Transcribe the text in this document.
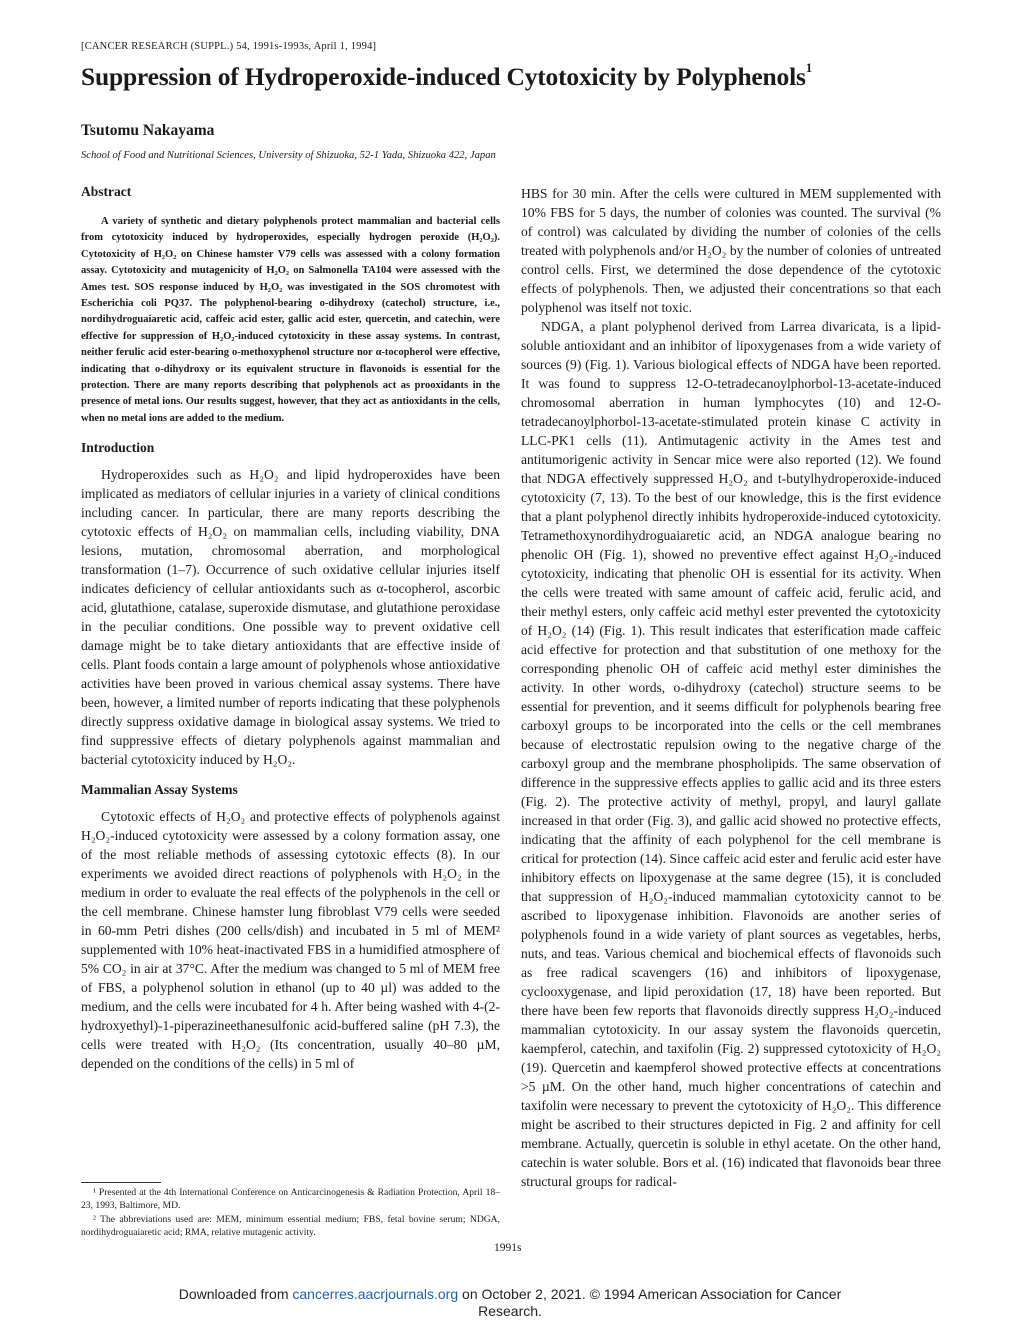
[CANCER RESEARCH (SUPPL.) 54, 1991s-1993s, April 1, 1994]
Suppression of Hydroperoxide-induced Cytotoxicity by Polyphenols$^1$
Tsutomu Nakayama
School of Food and Nutritional Sciences, University of Shizuoka, 52-1 Yada, Shizuoka 422, Japan

Abstract

A variety of synthetic and dietary polyphenols protect mammalian and bacterial cells from cytotoxicity induced by hydroperoxides, especially hydrogen peroxide (H₂O₂). Cytotoxicity of H₂O₂ on Chinese hamster V79 cells was assessed with a colony formation assay. Cytotoxicity and mutagenicity of H₂O₂ on Salmonella TA104 were assessed with the Ames test. SOS response induced by H₂O₂ was investigated in the SOS chromotest with Escherichia coli PQ37. The polyphenol-bearing o-dihydroxy (catechol) structure, i.e., nordihydroguaiaretic acid, caffeic acid ester, gallic acid ester, quercetin, and catechin, were effective for suppression of H₂O₂-induced cytotoxicity in these assay systems. In contrast, neither ferulic acid ester-bearing o-methoxyphenol structure nor α-tocopherol were effective, indicating that o-dihydroxy or its equivalent structure in flavonoids is essential for the protection. There are many reports describing that polyphenols act as prooxidants in the presence of metal ions. Our results suggest, however, that they act as antioxidants in the cells, when no metal ions are added to the medium.

Introduction

Hydroperoxides such as H₂O₂ and lipid hydroperoxides have been implicated as mediators of cellular injuries in a variety of clinical conditions including cancer. In particular, there are many reports describing the cytotoxic effects of H₂O₂ on mammalian cells, including viability, DNA lesions, mutation, chromosomal aberration, and morphological transformation (1–7). Occurrence of such oxidative cellular injuries itself indicates deficiency of cellular antioxidants such as α-tocopherol, ascorbic acid, glutathione, catalase, superoxide dismutase, and glutathione peroxidase in the peculiar conditions. One possible way to prevent oxidative cell damage might be to take dietary antioxidants that are effective inside of cells. Plant foods contain a large amount of polyphenols whose antioxidative activities have been proved in various chemical assay systems. There have been, however, a limited number of reports indicating that these polyphenols directly suppress oxidative damage in biological assay systems. We tried to find suppressive effects of dietary polyphenols against mammalian and bacterial cytotoxicity induced by H₂O₂.

Mammalian Assay Systems

Cytotoxic effects of H₂O₂ and protective effects of polyphenols against H₂O₂-induced cytotoxicity were assessed by a colony formation assay, one of the most reliable methods of assessing cytotoxic effects (8). In our experiments we avoided direct reactions of polyphenols with H₂O₂ in the medium in order to evaluate the real effects of the polyphenols in the cell or the cell membrane. Chinese hamster lung fibroblast V79 cells were seeded in 60-mm Petri dishes (200 cells/dish) and incubated in 5 ml of MEM² supplemented with 10% heat-inactivated FBS in a humidified atmosphere of 5% CO₂ in air at 37°C. After the medium was changed to 5 ml of MEM free of FBS, a polyphenol solution in ethanol (up to 40 µl) was added to the medium, and the cells were incubated for 4 h. After being washed with 4-(2-hydroxyethyl)-1-piperazineethanesulfonic acid-buffered saline (pH 7.3), the cells were treated with H₂O₂ (Its concentration, usually 40–80 µM, depended on the conditions of the cells) in 5 ml of

HBS for 30 min. After the cells were cultured in MEM supplemented with 10% FBS for 5 days, the number of colonies was counted. The survival (% of control) was calculated by dividing the number of colonies of the cells treated with polyphenols and/or H₂O₂ by the number of colonies of untreated control cells. First, we determined the dose dependence of the cytotoxic effects of polyphenols. Then, we adjusted their concentrations so that each polyphenol was itself not toxic.

NDGA, a plant polyphenol derived from Larrea divaricata, is a lipid-soluble antioxidant and an inhibitor of lipoxygenases from a wide variety of sources (9) (Fig. 1). Various biological effects of NDGA have been reported. It was found to suppress 12-O-tetradecanoylphorbol-13-acetate-induced chromosomal aberration in human lymphocytes (10) and 12-O-tetradecanoylphorbol-13-acetate-stimulated protein kinase C activity in LLC-PK1 cells (11). Antimutagenic activity in the Ames test and antitumorigenic activity in Sencar mice were also reported (12). We found that NDGA effectively suppressed H₂O₂ and t-butylhydroperoxide-induced cytotoxicity (7, 13). To the best of our knowledge, this is the first evidence that a plant polyphenol directly inhibits hydroperoxide-induced cytotoxicity. Tetramethoxynordihydroguaiaretic acid, an NDGA analogue bearing no phenolic OH (Fig. 1), showed no preventive effect against H₂O₂-induced cytotoxicity, indicating that phenolic OH is essential for its activity. When the cells were treated with same amount of caffeic acid, ferulic acid, and their methyl esters, only caffeic acid methyl ester prevented the cytotoxicity of H₂O₂ (14) (Fig. 1). This result indicates that esterification made caffeic acid effective for protection and that substitution of one methoxy for the corresponding phenolic OH of caffeic acid methyl ester diminishes the activity. In other words, o-dihydroxy (catechol) structure seems to be essential for prevention, and it seems difficult for polyphenols bearing free carboxyl groups to be incorporated into the cells or the cell membranes because of electrostatic repulsion owing to the negative charge of the carboxyl group and the membrane phospholipids. The same observation of difference in the suppressive effects applies to gallic acid and its three esters (Fig. 2). The protective activity of methyl, propyl, and lauryl gallate increased in that order (Fig. 3), and gallic acid showed no protective effects, indicating that the affinity of each polyphenol for the cell membrane is critical for protection (14). Since caffeic acid ester and ferulic acid ester have inhibitory effects on lipoxygenase at the same degree (15), it is concluded that suppression of H₂O₂-induced mammalian cytotoxicity cannot to be ascribed to lipoxygenase inhibition. Flavonoids are another series of polyphenols found in a wide variety of plant sources as vegetables, herbs, nuts, and teas. Various chemical and biochemical effects of flavonoids such as free radical scavengers (16) and inhibitors of lipoxygenase, cyclooxygenase, and lipid peroxidation (17, 18) have been reported. But there have been few reports that flavonoids directly suppress H₂O₂-induced mammalian cytotoxicity. In our assay system the flavonoids quercetin, kaempferol, catechin, and taxifolin (Fig. 2) suppressed cytotoxicity of H₂O₂ (19). Quercetin and kaempferol showed protective effects at concentrations >5 µM. On the other hand, much higher concentrations of catechin and taxifolin were necessary to prevent the cytotoxicity of H₂O₂. This difference might be ascribed to their structures depicted in Fig. 2 and affinity for cell membrane. Actually, quercetin is soluble in ethyl acetate. On the other hand, catechin is water soluble. Bors et al. (16) indicated that flavonoids bear three structural groups for radical-

¹ Presented at the 4th International Conference on Anticarcinogenesis & Radiation Protection, April 18–23, 1993, Baltimore, MD.

² The abbreviations used are: MEM, minimum essential medium; FBS, fetal bovine serum; NDGA, nordihydroguaiaretic acid; RMA, relative mutagenic activity.

1991s
Downloaded from cancerres.aacrjournals.org on October 2, 2021. © 1994 American Association for Cancer
Research.
